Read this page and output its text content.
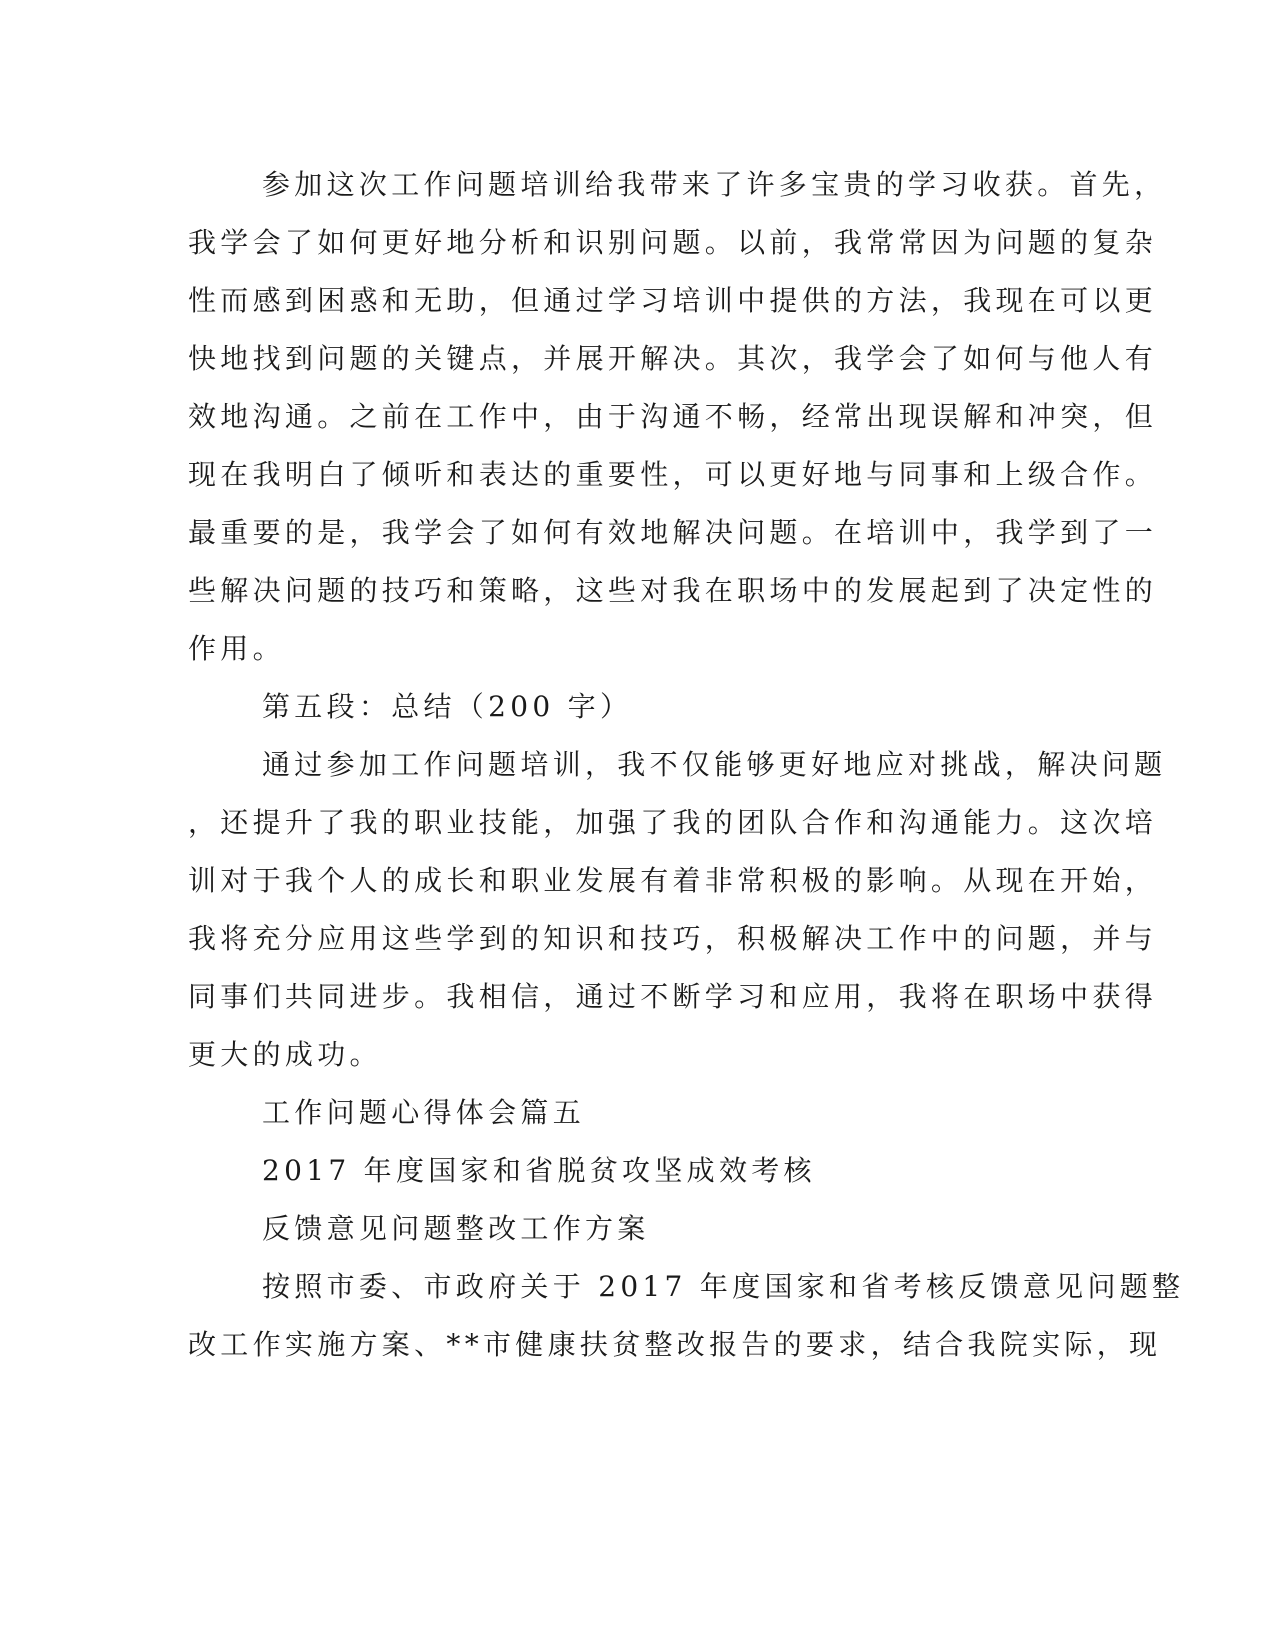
参加这次工作问题培训给我带来了许多宝贵的学习收获。首先，
我学会了如何更好地分析和识别问题。以前，我常常因为问题的复杂
性而感到困惑和无助，但通过学习培训中提供的方法，我现在可以更
快地找到问题的关键点，并展开解决。其次，我学会了如何与他人有
效地沟通。之前在工作中，由于沟通不畅，经常出现误解和冲突，但
现在我明白了倾听和表达的重要性，可以更好地与同事和上级合作。
最重要的是，我学会了如何有效地解决问题。在培训中，我学到了一
些解决问题的技巧和策略，这些对我在职场中的发展起到了决定性的
作用。
第五段：总结（200 字）
通过参加工作问题培训，我不仅能够更好地应对挑战，解决问题
，还提升了我的职业技能，加强了我的团队合作和沟通能力。这次培
训对于我个人的成长和职业发展有着非常积极的影响。从现在开始，
我将充分应用这些学到的知识和技巧，积极解决工作中的问题，并与
同事们共同进步。我相信，通过不断学习和应用，我将在职场中获得
更大的成功。
工作问题心得体会篇五
2017 年度国家和省脱贫攻坚成效考核
反馈意见问题整改工作方案
按照市委、市政府关于 2017 年度国家和省考核反馈意见问题整
改工作实施方案、**市健康扶贫整改报告的要求，结合我院实际，现
